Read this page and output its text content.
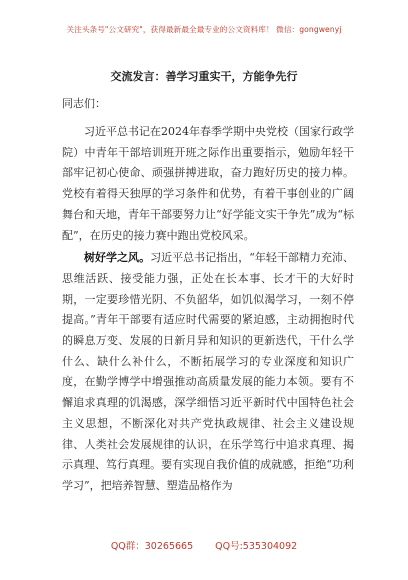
关注头条号"公文研究"，获得最新最全最专业的公文资料库！ 微信：gongwenyj
交流发言：善学习重实干，方能争先行
同志们：

习近平总书记在2024年春季学期中央党校（国家行政学院）中青年干部培训班开班之际作出重要指示，勉励年轻干部牢记初心使命、顽强拼搏进取，奋力跑好历史的接力棒。党校有着得天独厚的学习条件和优势，有着干事创业的广阔舞台和天地，青年干部要努力让“好学能文实干争先”成为“标配”，在历史的接力赛中跑出党校风采。

树好学之风。习近平总书记指出，“年轻干部精力充沛、思维活跃、接受能力强，正处在长本事、长才干的大好时期，一定要珍惜光阴、不负韶华，如饥似渴学习，一刻不停提高。”青年干部要有适应时代需要的紧迫感，主动拥抱时代的瞬息万变、发展的日新月异和知识的更新迭代，干什么学什么、缺什么补什么，不断拓展学习的专业深度和知识广度，在勤学博学中增强推动高质量发展的能力本领。要有不懈追求真理的饥渴感，深学细悟习近平新时代中国特色社会主义思想，不断深化对共产党执政规律、社会主义建设规律、人类社会发展规律的认识，在乐学笃行中追求真理、揭示真理、笃行真理。要有实现自我价值的成就感，拒绝“功利学习”，把培养智慧、塑造品格作为

QQ群：30265665 QQ号:535304092
